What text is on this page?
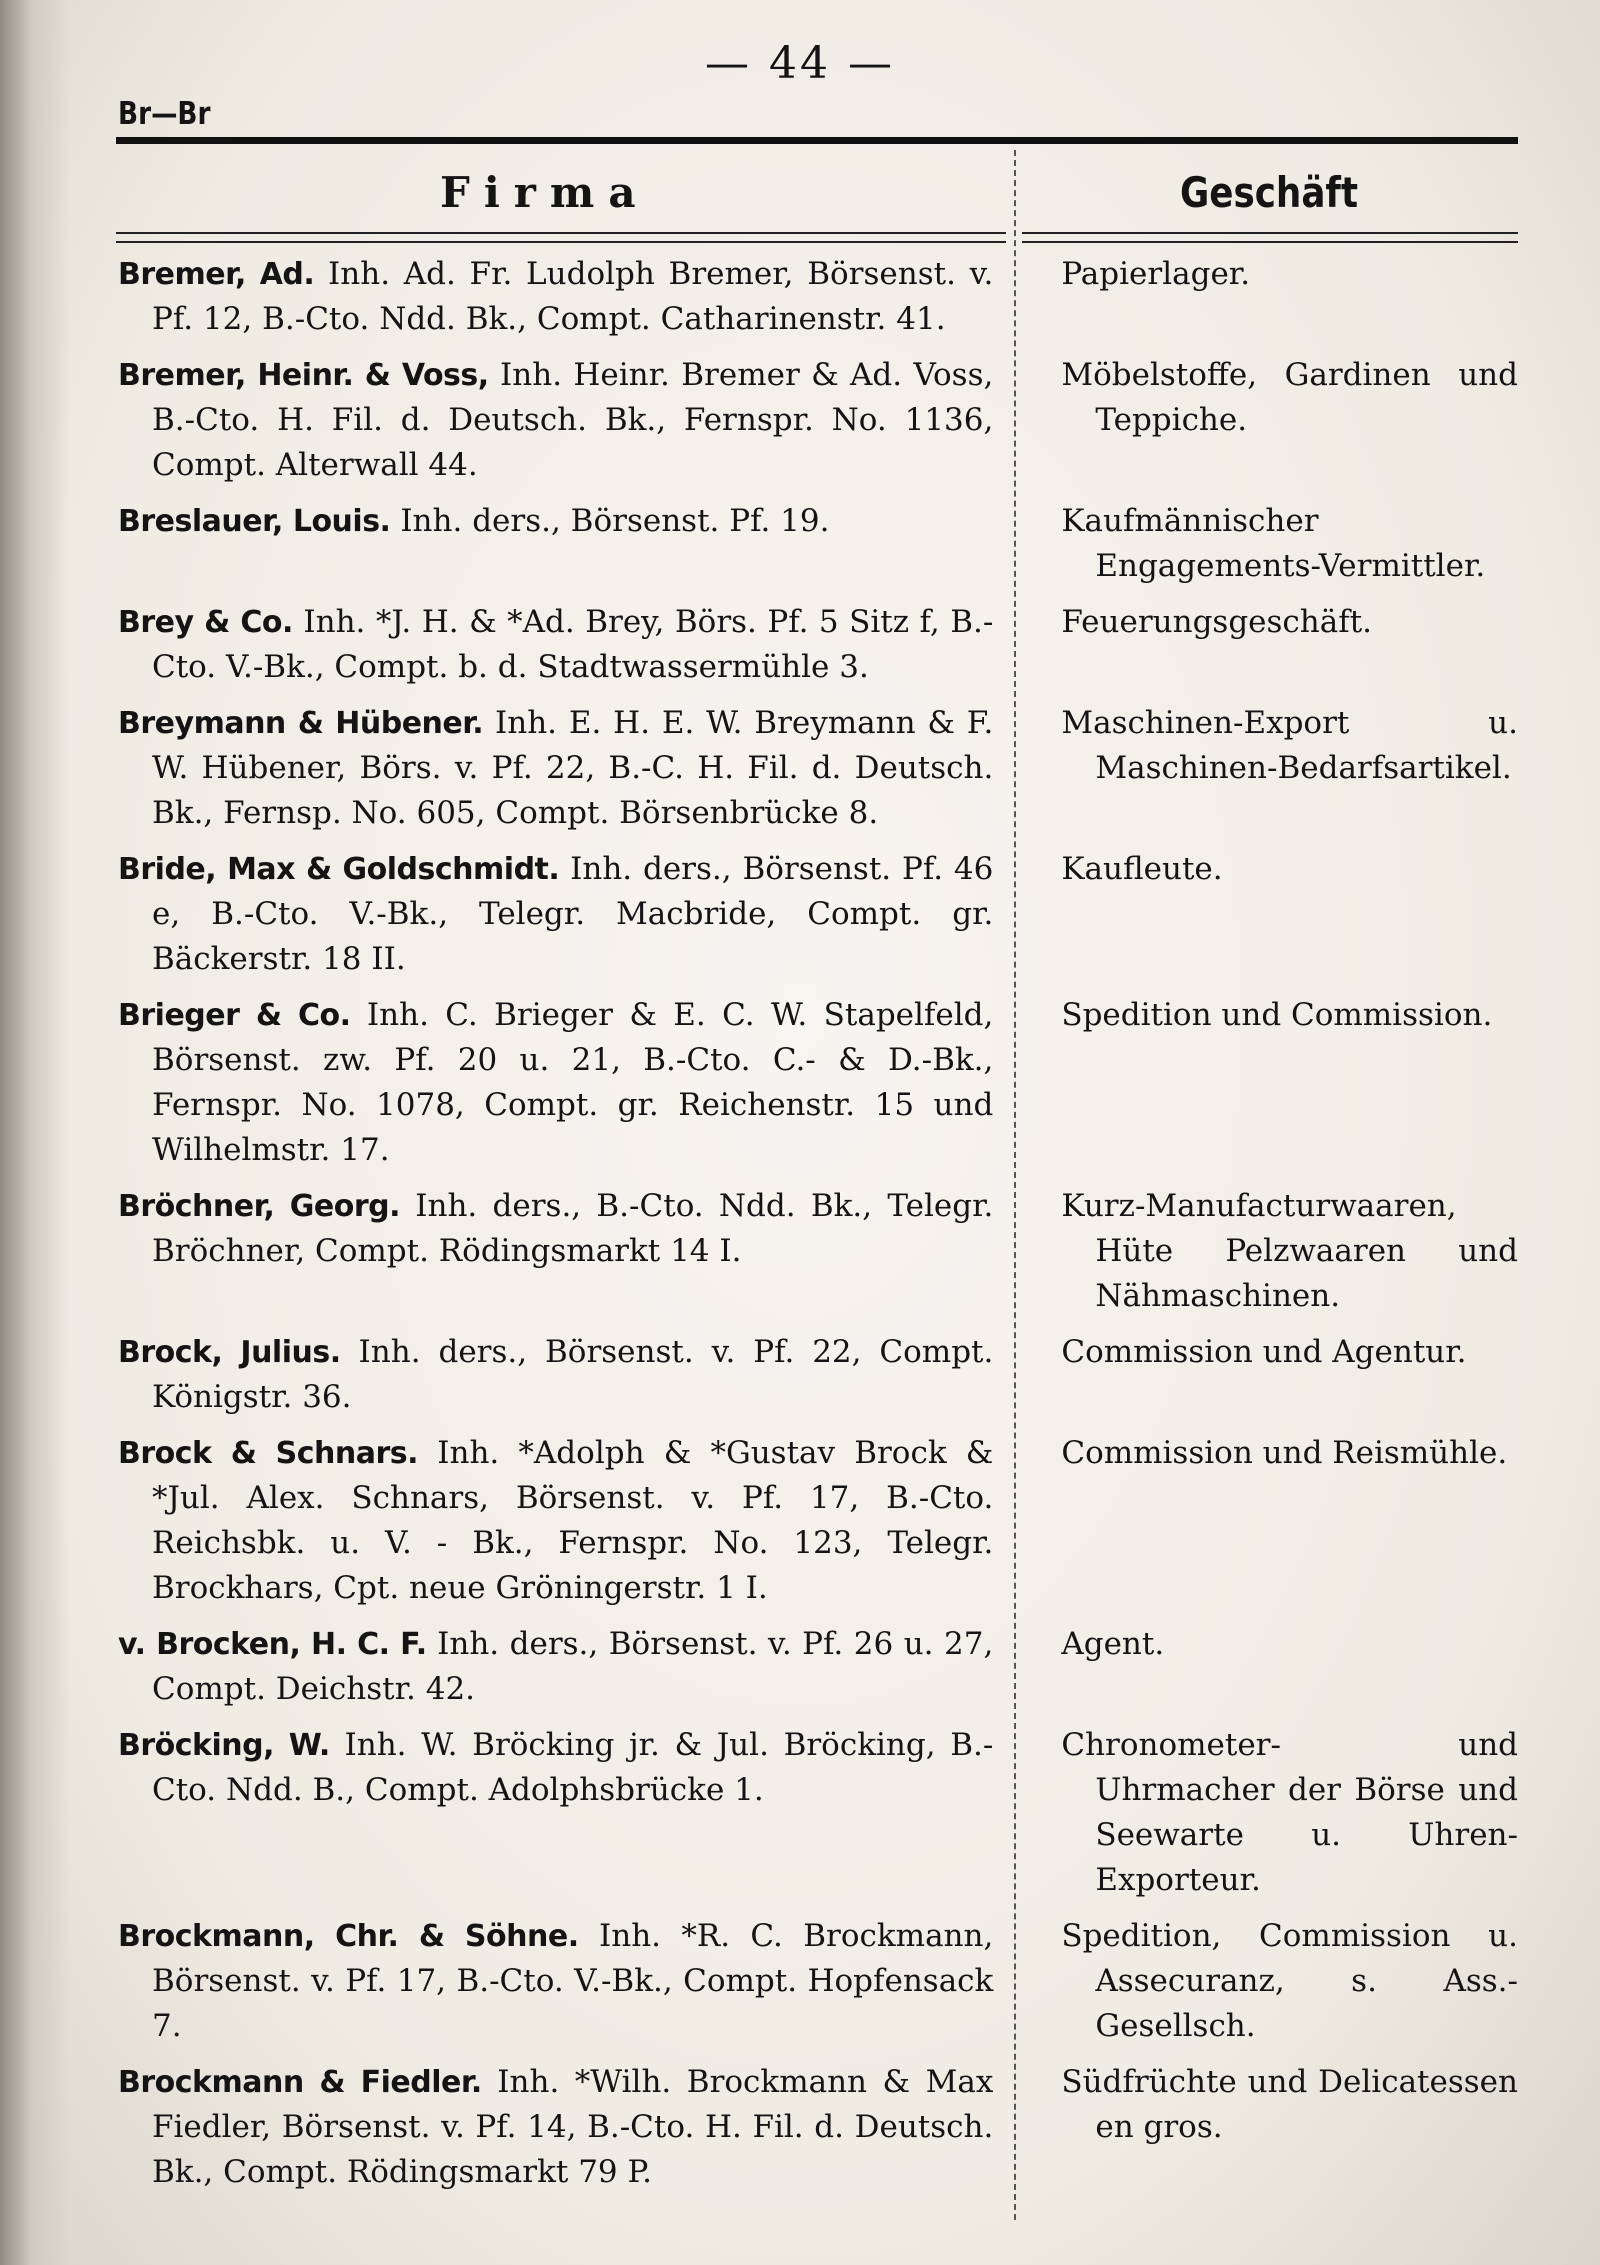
— 44 —
Br—Br
Firma	Geschäft
Bremer, Ad. Inh. Ad. Fr. Ludolph Bremer, Börsenst. v. Pf. 12, B.-Cto. Ndd. Bk., Compt. Catharinenstr. 41.
Papierlager.
Bremer, Heinr. & Voss, Inh. Heinr. Bremer & Ad. Voss, B.-Cto. H. Fil. d. Deutsch. Bk., Fernspr. No. 1136, Compt. Alterwall 44.
Möbelstoffe, Gardinen und Teppiche.
Breslauer, Louis. Inh. ders., Börsenst. Pf. 19.	Kaufmännischer Engagements-Vermittler.
Brey & Co. Inh. *J. H. & *Ad. Brey, Börs. Pf. 5 Sitz f, B.-Cto. V.-Bk., Compt. b. d. Stadtwassermühle 3.
Feuerungsgeschäft.
Breymann & Hübener. Inh. E. H. E. W. Breymann & F. W. Hübener, Börs. v. Pf. 22, B.-C. H. Fil. d. Deutsch. Bk., Fernsp. No. 605, Compt. Börsenbrücke 8.
Maschinen-Export u. Maschinen-Bedarfsartikel.
Bride, Max & Goldschmidt. Inh. ders., Börsenst. Pf. 46 e, B.-Cto. V.-Bk., Telegr. Macbride, Compt. gr. Bäckerstr. 18 II.
Kaufleute.
Brieger & Co. Inh. C. Brieger & E. C. W. Stapelfeld, Börsenst. zw. Pf. 20 u. 21, B.-Cto. C.- & D.-Bk., Fernspr. No. 1078, Compt. gr. Reichenstr. 15 und Wilhelmstr. 17.
Spedition und Commission.
Bröchner, Georg. Inh. ders., B.-Cto. Ndd. Bk., Telegr. Bröchner, Compt. Rödingsmarkt 14 I.
Kurz-Manufacturwaaren, Hüte Pelzwaaren und Nähmaschinen.
Brock, Julius. Inh. ders., Börsenst. v. Pf. 22, Compt. Königstr. 36.
Commission und Agentur.
Brock & Schnars. Inh. *Adolph & *Gustav Brock & *Jul. Alex. Schnars, Börsenst. v. Pf. 17, B.-Cto. Reichsbk. u. V. - Bk., Fernspr. No. 123, Telegr. Brockhars, Cpt. neue Gröningerstr. 1 I.
Commission und Reismühle.
v. Brocken, H. C. F. Inh. ders., Börsenst. v. Pf. 26 u. 27, Compt. Deichstr. 42.
Agent.
Bröcking, W. Inh. W. Bröcking jr. & Jul. Bröcking, B.-Cto. Ndd. B., Compt. Adolphsbrücke 1.
Chronometer- und Uhrmacher der Börse und Seewarte u. Uhren-Exporteur.
Brockmann, Chr. & Söhne. Inh. *R. C. Brockmann, Börsenst. v. Pf. 17, B.-Cto. V.-Bk., Compt. Hopfensack 7.
Spedition, Commission u. Assecuranz, s. Ass.-Gesellsch.
Brockmann & Fiedler. Inh. *Wilh. Brockmann & Max Fiedler, Börsenst. v. Pf. 14, B.-Cto. H. Fil. d. Deutsch. Bk., Compt. Rödingsmarkt 79 P.
Südfrüchte und Delicatessen en gros.
